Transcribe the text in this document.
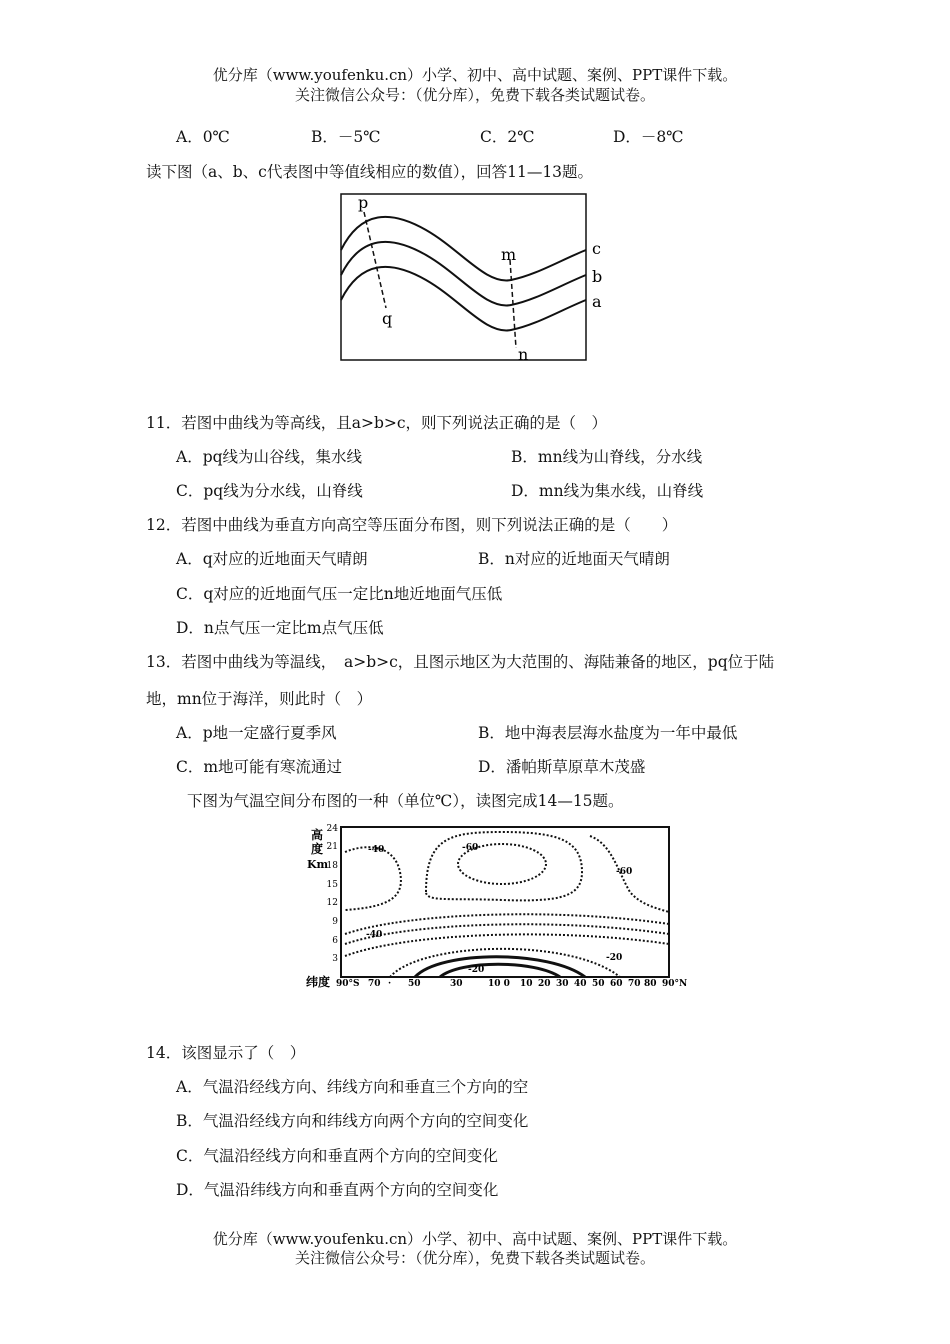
优分库（www.youfenku.cn）小学、初中、高中试题、案例、PPT课件下载。
关注微信公众号：（优分库），免费下载各类试题试卷。
A．0℃	B．－5℃	C．2℃	D．－8℃
读下图（a、b、c代表图中等值线相应的数值），回答11—13题。
p
q
m
n
c
b
a
11．若图中曲线为等高线，且a>b>c，则下列说法正确的是（　）
A．pq线为山谷线，集水线	B．mn线为山脊线，分水线
C．pq线为分水线，山脊线	D．mn线为集水线，山脊线
12．若图中曲线为垂直方向高空等压面分布图，则下列说法正确的是（　　）
A．q对应的近地面天气晴朗	B．n对应的近地面天气晴朗
C．q对应的近地面气压一定比n地近地面气压低
D．n点气压一定比m点气压低
13．若图中曲线为等温线，　a>b>c，且图示地区为大范围的、海陆兼备的地区，pq位于陆
地，mn位于海洋，则此时（　）
A．p地一定盛行夏季风	B．地中海表层海水盐度为一年中最低
C．m地可能有寒流通过	D．潘帕斯草原草木茂盛
下图为气温空间分布图的一种（单位℃），读图完成14—15题。
高
度
Km
24
21
18
15
12
9
6
3
纬度 90°S 70 · 50	30	10 0 10 20 30 40 50 60 70 80 90°N
-40	-60
-60
-40
-20
-20
14．该图显示了（　）
A．气温沿经线方向、纬线方向和垂直三个方向的空
B．气温沿经线方向和纬线方向两个方向的空间变化
C．气温沿经线方向和垂直两个方向的空间变化
D．气温沿纬线方向和垂直两个方向的空间变化
优分库（www.youfenku.cn）小学、初中、高中试题、案例、PPT课件下载。
关注微信公众号：（优分库），免费下载各类试题试卷。
